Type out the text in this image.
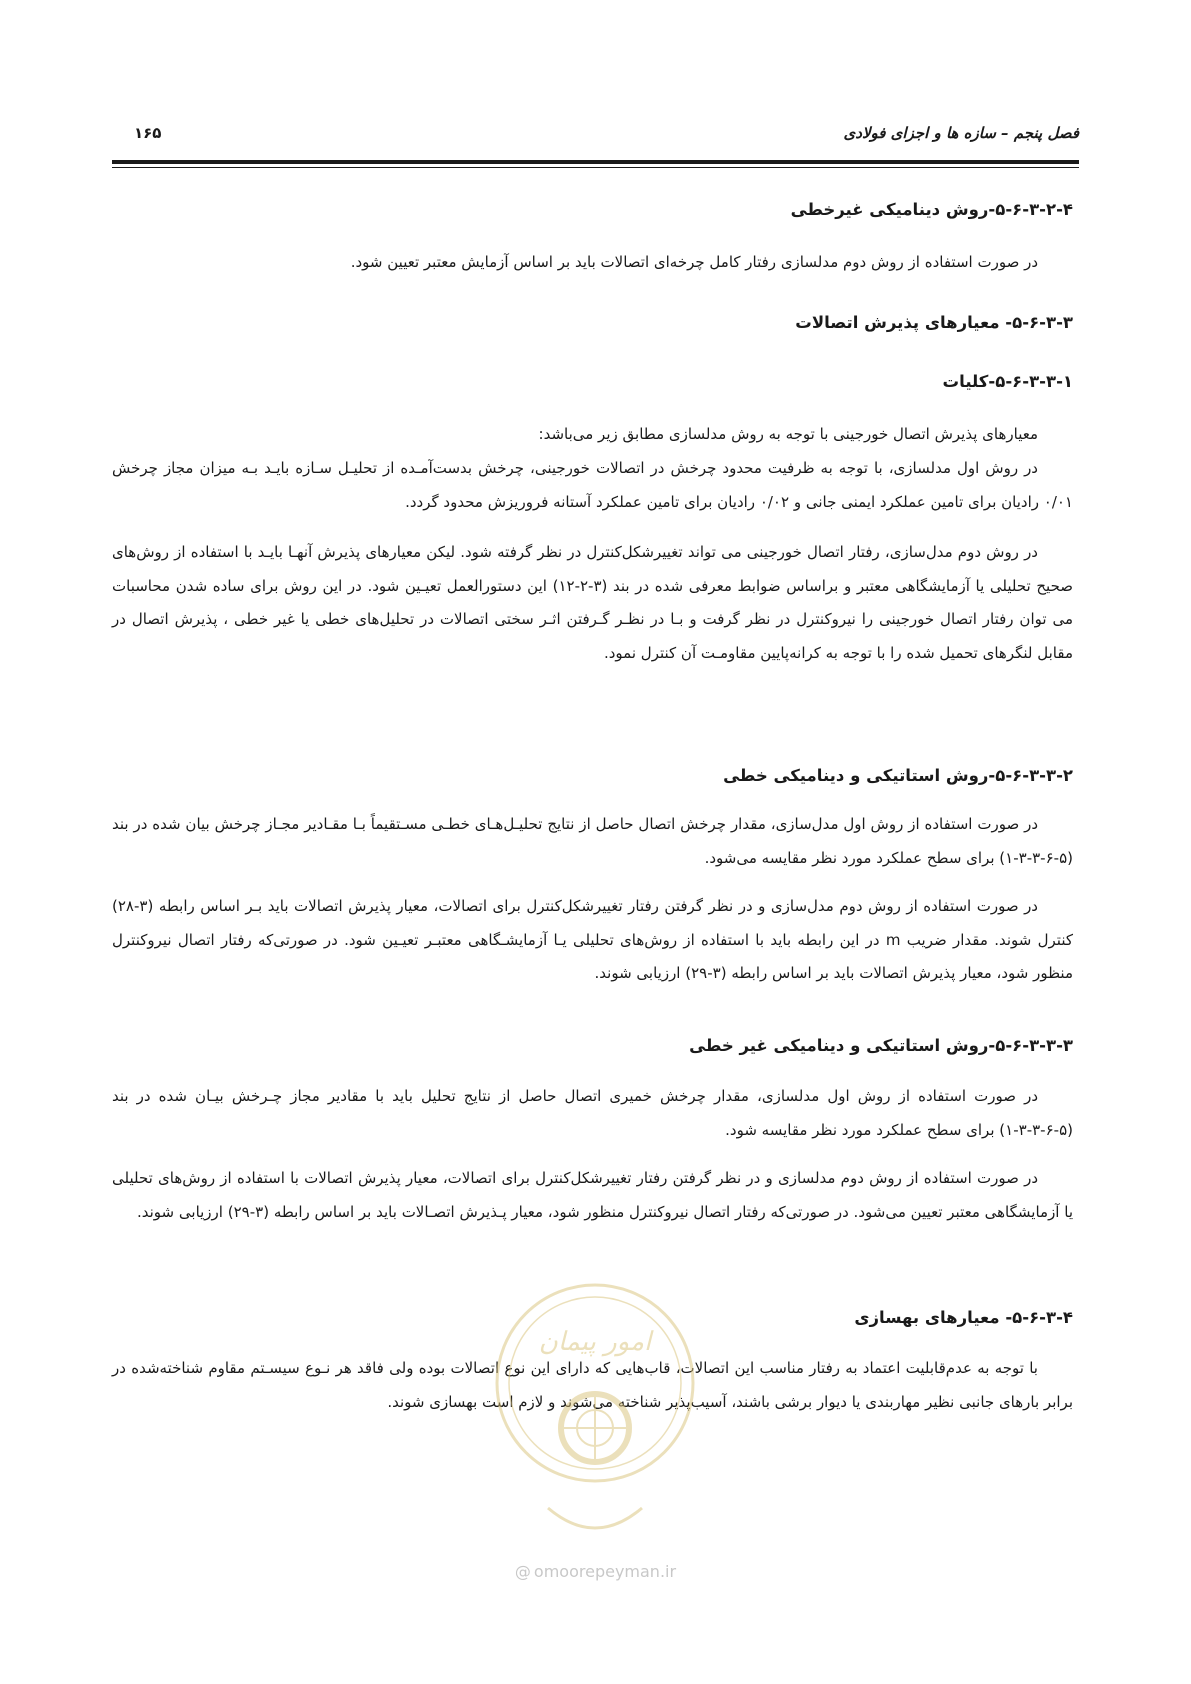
فصل پنجم – سازه ها و اجزای فولادی
۱۶۵
۵-۶-۳-۲-۴-روش دینامیکی غیرخطی

در صورت استفاده از روش دوم مدلسازی رفتار کامل چرخه‌ای اتصالات باید بر اساس آزمایش معتبر تعیین شود.

۵-۶-۳-۳- معیارهای پذیرش اتصالات
۵-۶-۳-۳-۱-کلیات

معیارهای پذیرش اتصال خورجینی با توجه به روش مدلسازی مطابق زیر می‌باشد:

در روش اول مدلسازی، با توجه به ظرفیت محدود چرخش در اتصالات خورجینی، چرخش بدست‌آمـده از تحلیـل سـازه بایـد بـه میزان مجاز چرخش ۰/۰۱ رادیان برای تامین عملکرد ایمنی جانی و ۰/۰۲ رادیان برای تامین عملکرد آستانه فروریزش محدود گردد.

در روش دوم مدل‌سازی، رفتار اتصال خورجینی می تواند تغییرشکل‌کنترل در نظر گرفته شود. لیکن معیارهای پذیرش آنهـا بایـد با استفاده از روش‌های صحیح تحلیلی یا آزمایشگاهی معتبر و براساس ضوابط معرفی شده در بند (۳-۲-۱۲) این دستورالعمل تعیـین شود. در این روش برای ساده شدن محاسبات می توان رفتار اتصال خورجینی را نیروکنترل در نظر گرفت و بـا در نظـر گـرفتن اثـر سختی اتصالات در تحلیل‌های خطی یا غیر خطی ، پذیرش اتصال در مقابل لنگرهای تحمیل شده را با توجه به کرانه‌پایین مقاومـت آن کنترل نمود.

۵-۶-۳-۳-۲-روش استاتیکی و دینامیکی خطی

در صورت استفاده از روش اول مدل‌سازی، مقدار چرخش اتصال حاصل از نتایج تحلیـل‌هـای خطـی مسـتقیماً بـا مقـادیر مجـاز چرخش بیان شده در بند (۵-۶-۳-۳-۱) برای سطح عملکرد مورد نظر مقایسه می‌شود.

در صورت استفاده از روش دوم مدل‌سازی و در نظر گرفتن رفتار تغییرشکل‌کنترل برای اتصالات، معیار پذیرش اتصالات باید بـر اساس رابطه (۳-۲۸) کنترل شوند. مقدار ضریب m در این رابطه باید با استفاده از روش‌های تحلیلی یـا آزمایشـگاهی معتبـر تعیـین شود. در صورتی‌که رفتار اتصال نیروکنترل منظور شود، معیار پذیرش اتصالات باید بر اساس رابطه (۳-۲۹) ارزیابی شوند.

۵-۶-۳-۳-۳-روش استاتیکی و دینامیکی غیر خطی

در صورت استفاده از روش اول مدلسازی، مقدار چرخش خمیری اتصال حاصل از نتایج تحلیل باید با مقادیر مجاز چـرخش بیـان شده در بند (۵-۶-۳-۳-۱) برای سطح عملکرد مورد نظر مقایسه شود.

در صورت استفاده از روش دوم مدلسازی و در نظر گرفتن رفتار تغییرشکل‌کنترل برای اتصالات، معیار پذیرش اتصالات با استفاده از روش‌های تحلیلی یا آزمایشگاهی معتبر تعیین می‌شود. در صورتی‌که رفتار اتصال نیروکنترل منظور شود، معیار پـذیرش اتصـالات باید بر اساس رابطه (۳-۲۹) ارزیابی شوند.

۵-۶-۳-۴- معیارهای بهسازی

با توجه به عدم‌قابلیت اعتماد به رفتار مناسب این اتصالات، قاب‌هایی که دارای این نوع اتصالات بوده ولی فاقد هر نـوع سیسـتم مقاوم شناخته‌شده در برابر بارهای جانبی نظیر مهاربندی یا دیوار برشی باشند، آسیب‌پذیر شناخته می‌شوند و لازم است بهسازی شوند.

امور پیمان
@ omoorepeyman.ir
